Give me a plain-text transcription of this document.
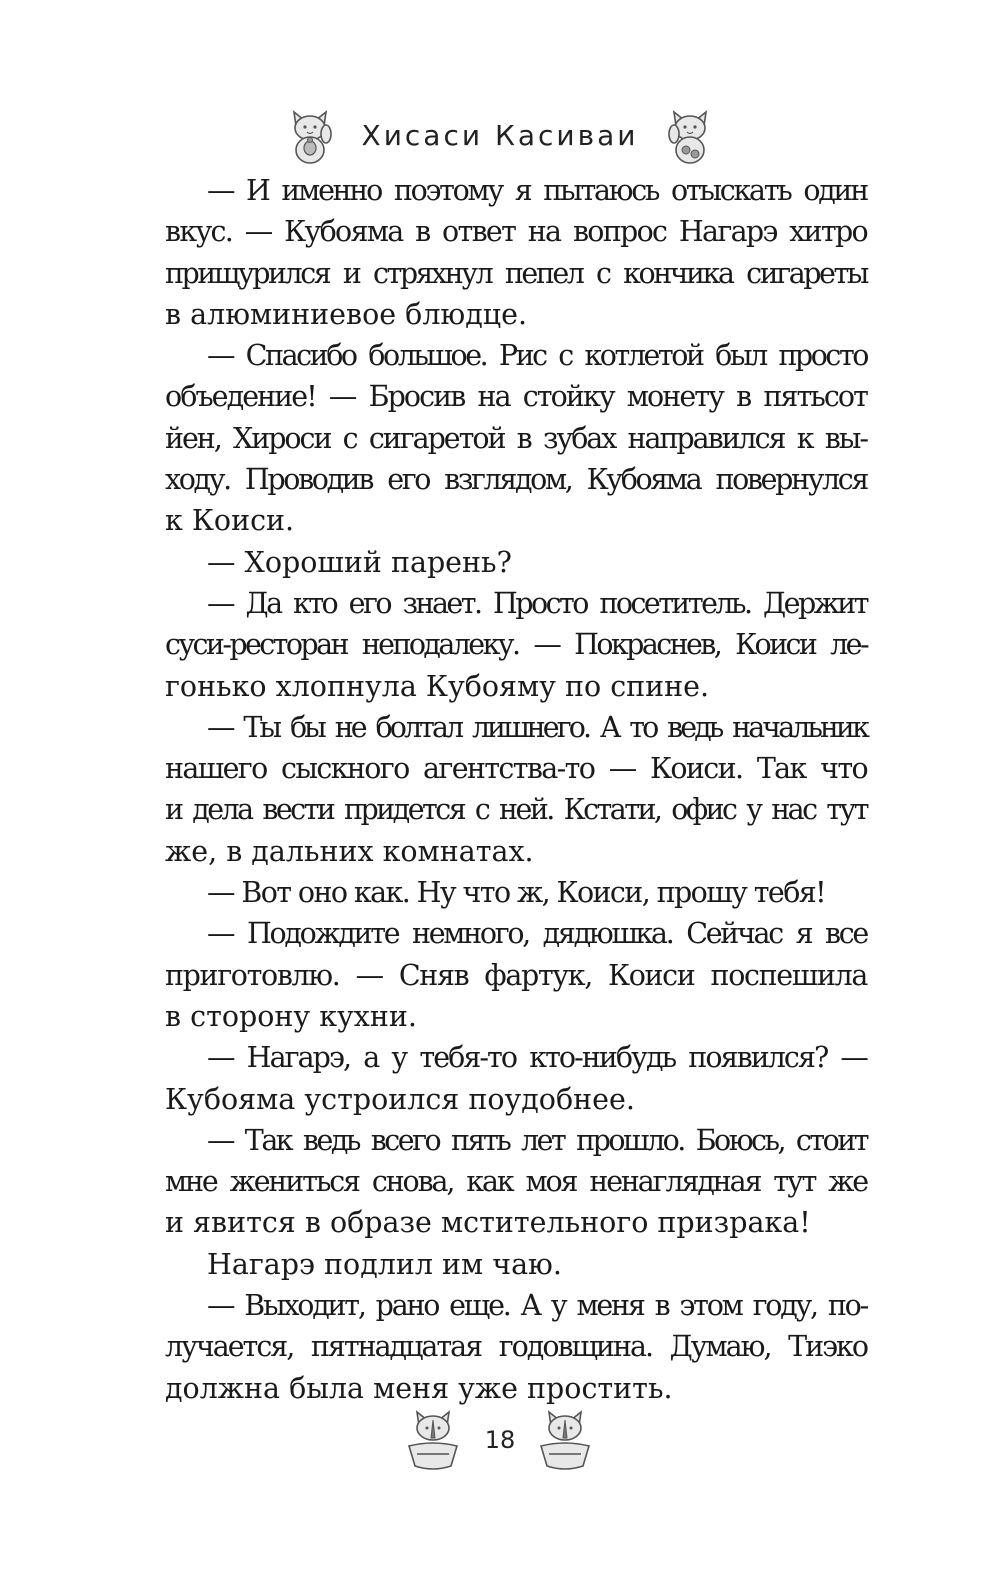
Хисаси Касиваи

— И именно поэтому я пытаюсь отыскать один
вкус. — Кубояма в ответ на вопрос Нагарэ хитро
прищурился и стряхнул пепел с кончика сигареты
в алюминиевое блюдце.

— Спасибо большое. Рис с котлетой был просто
объедение! — Бросив на стойку монету в пятьсот
йен, Хироси с сигаретой в зубах направился к вы-
ходу. Проводив его взглядом, Кубояма повернулся
к Коиси.

— Хороший парень?

— Да кто его знает. Просто посетитель. Держит
суси-ресторан неподалеку. — Покраснев, Коиси ле-
гонько хлопнула Кубояму по спине.

— Ты бы не болтал лишнего. А то ведь начальник
нашего сыскного агентства-то — Коиси. Так что
и дела вести придется с ней. Кстати, офис у нас тут
же, в дальних комнатах.

— Вот оно как. Ну что ж, Коиси, прошу тебя!

— Подождите немного, дядюшка. Сейчас я все
приготовлю. — Сняв фартук, Коиси поспешила
в сторону кухни.

— Нагарэ, а у тебя-то кто-нибудь появился? —
Кубояма устроился поудобнее.

— Так ведь всего пять лет прошло. Боюсь, стоит
мне жениться снова, как моя ненаглядная тут же
и явится в образе мстительного призрака!

Нагарэ подлил им чаю.

— Выходит, рано еще. А у меня в этом году, по-
лучается, пятнадцатая годовщина. Думаю, Тиэко
должна была меня уже простить.

18
